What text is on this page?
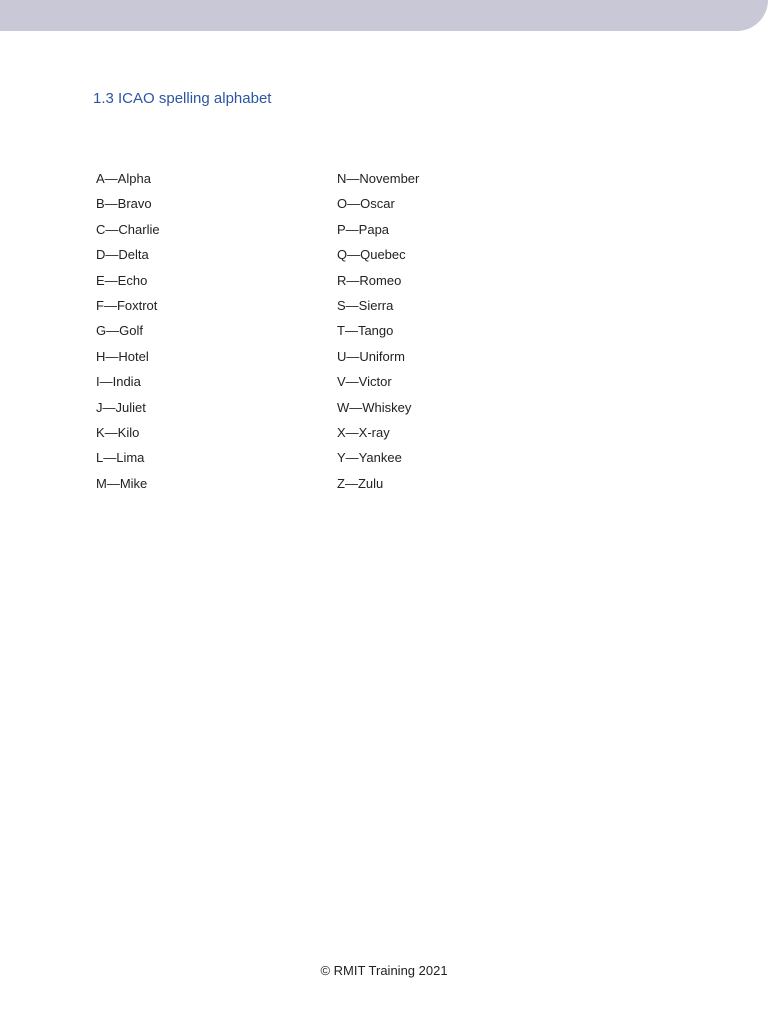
1.3 ICAO spelling alphabet
A—Alpha
B—Bravo
C—Charlie
D—Delta
E—Echo
F—Foxtrot
G—Golf
H—Hotel
I—India
J—Juliet
K—Kilo
L—Lima
M—Mike
N—November
O—Oscar
P—Papa
Q—Quebec
R—Romeo
S—Sierra
T—Tango
U—Uniform
V—Victor
W—Whiskey
X—X-ray
Y—Yankee
Z—Zulu
© RMIT Training 2021
